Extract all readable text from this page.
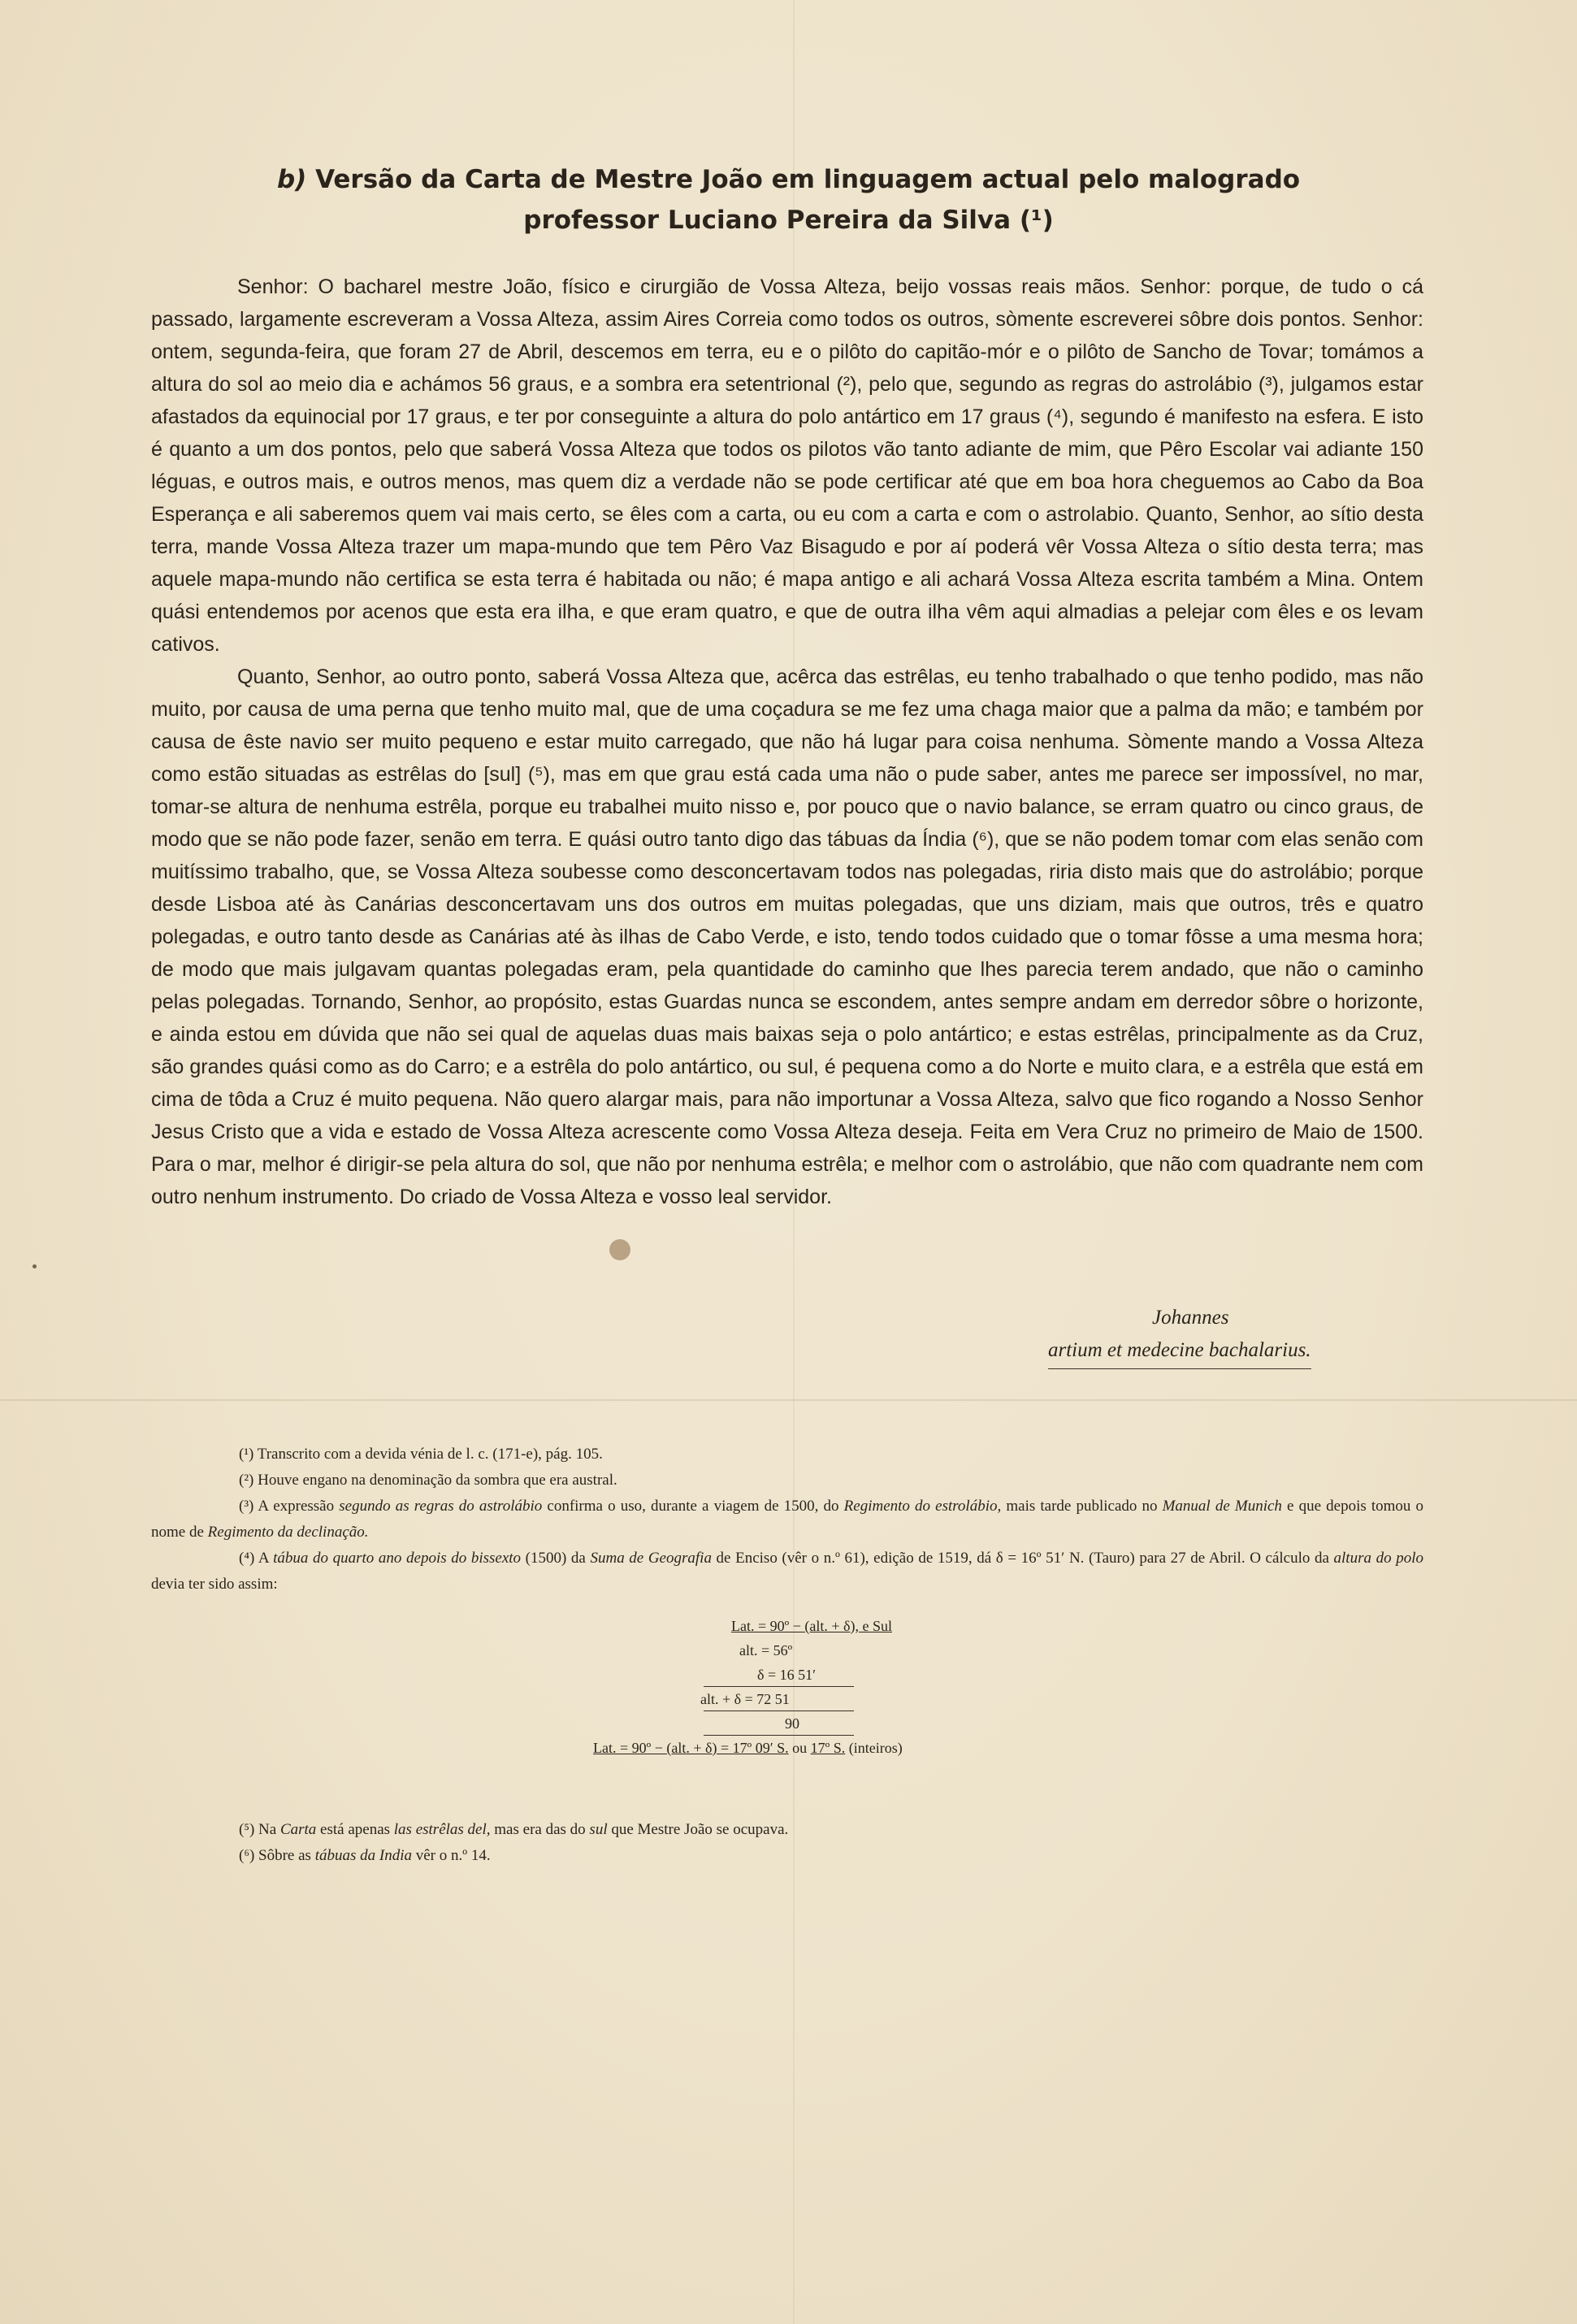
b) Versão da Carta de Mestre João em linguagem actual pelo malogrado
professor Luciano Pereira da Silva (¹)

Senhor: O bacharel mestre João, físico e cirurgião de Vossa Alteza, beijo vossas reais mãos. Senhor: porque, de tudo o cá passado, largamente escreveram a Vossa Alteza, assim Aires Correia como todos os outros, sòmente escreverei sôbre dois pontos. Senhor: ontem, segunda-feira, que foram 27 de Abril, descemos em terra, eu e o pilôto do capitão-mór e o pilôto de Sancho de Tovar; tomámos a altura do sol ao meio dia e achámos 56 graus, e a sombra era setentrional (²), pelo que, segundo as regras do astrolábio (³), julgamos estar afastados da equinocial por 17 graus, e ter por conseguinte a altura do polo antártico em 17 graus (⁴), segundo é manifesto na esfera. E isto é quanto a um dos pontos, pelo que saberá Vossa Alteza que todos os pilotos vão tanto adiante de mim, que Pêro Escolar vai adiante 150 léguas, e outros mais, e outros menos, mas quem diz a verdade não se pode certificar até que em boa hora cheguemos ao Cabo da Boa Esperança e ali saberemos quem vai mais certo, se êles com a carta, ou eu com a carta e com o astrolabio. Quanto, Senhor, ao sítio desta terra, mande Vossa Alteza trazer um mapa-mundo que tem Pêro Vaz Bisagudo e por aí poderá vêr Vossa Alteza o sítio desta terra; mas aquele mapa-mundo não certifica se esta terra é habitada ou não; é mapa antigo e ali achará Vossa Alteza escrita também a Mina. Ontem quási entendemos por acenos que esta era ilha, e que eram quatro, e que de outra ilha vêm aqui almadias a pelejar com êles e os levam cativos.

Quanto, Senhor, ao outro ponto, saberá Vossa Alteza que, acêrca das estrêlas, eu tenho trabalhado o que tenho podido, mas não muito, por causa de uma perna que tenho muito mal, que de uma coçadura se me fez uma chaga maior que a palma da mão; e também por causa de êste navio ser muito pequeno e estar muito carregado, que não há lugar para coisa nenhuma. Sòmente mando a Vossa Alteza como estão situadas as estrêlas do [sul] (⁵), mas em que grau está cada uma não o pude saber, antes me parece ser impossível, no mar, tomar-se altura de nenhuma estrêla, porque eu trabalhei muito nisso e, por pouco que o navio balance, se erram quatro ou cinco graus, de modo que se não pode fazer, senão em terra. E quási outro tanto digo das tábuas da Índia (⁶), que se não podem tomar com elas senão com muitíssimo trabalho, que, se Vossa Alteza soubesse como desconcertavam todos nas polegadas, riria disto mais que do astrolábio; porque desde Lisboa até às Canárias desconcertavam uns dos outros em muitas polegadas, que uns diziam, mais que outros, três e quatro polegadas, e outro tanto desde as Canárias até às ilhas de Cabo Verde, e isto, tendo todos cuidado que o tomar fôsse a uma mesma hora; de modo que mais julgavam quantas polegadas eram, pela quantidade do caminho que lhes parecia terem andado, que não o caminho pelas polegadas. Tornando, Senhor, ao propósito, estas Guardas nunca se escondem, antes sempre andam em derredor sôbre o horizonte, e ainda estou em dúvida que não sei qual de aquelas duas mais baixas seja o polo antártico; e estas estrêlas, principalmente as da Cruz, são grandes quási como as do Carro; e a estrêla do polo antártico, ou sul, é pequena como a do Norte e muito clara, e a estrêla que está em cima de tôda a Cruz é muito pequena. Não quero alargar mais, para não importunar a Vossa Alteza, salvo que fico rogando a Nosso Senhor Jesus Cristo que a vida e estado de Vossa Alteza acrescente como Vossa Alteza deseja. Feita em Vera Cruz no primeiro de Maio de 1500. Para o mar, melhor é dirigir-se pela altura do sol, que não por nenhuma estrêla; e melhor com o astrolábio, que não com quadrante nem com outro nenhum instrumento. Do criado de Vossa Alteza e vosso leal servidor.

Johannes
artium et medecine bachalarius.

(¹) Transcrito com a devida vénia de l. c. (171-e), pág. 105.

(²) Houve engano na denominação da sombra que era austral.

(³) A expressão segundo as regras do astrolábio confirma o uso, durante a viagem de 1500, do Regimento do estrolábio, mais tarde publicado no Manual de Munich e que depois tomou o nome de Regimento da declinação.

(⁴) A tábua do quarto ano depois do bissexto (1500) da Suma de Geografia de Enciso (vêr o n.º 61), edição de 1519, dá δ = 16º 51′ N. (Tauro) para 27 de Abril. O cálculo da altura do polo devia ter sido assim:

Lat. = 90º − (alt. + δ), e Sul
alt. = 56º
δ = 16 51′
alt. + δ = 72 51
90
Lat. = 90º − (alt. + δ) = 17º 09′ S. ou 17º S. (inteiros)

(⁵) Na Carta está apenas las estrêlas del, mas era das do sul que Mestre João se ocupava.

(⁶) Sôbre as tábuas da India vêr o n.º 14.
